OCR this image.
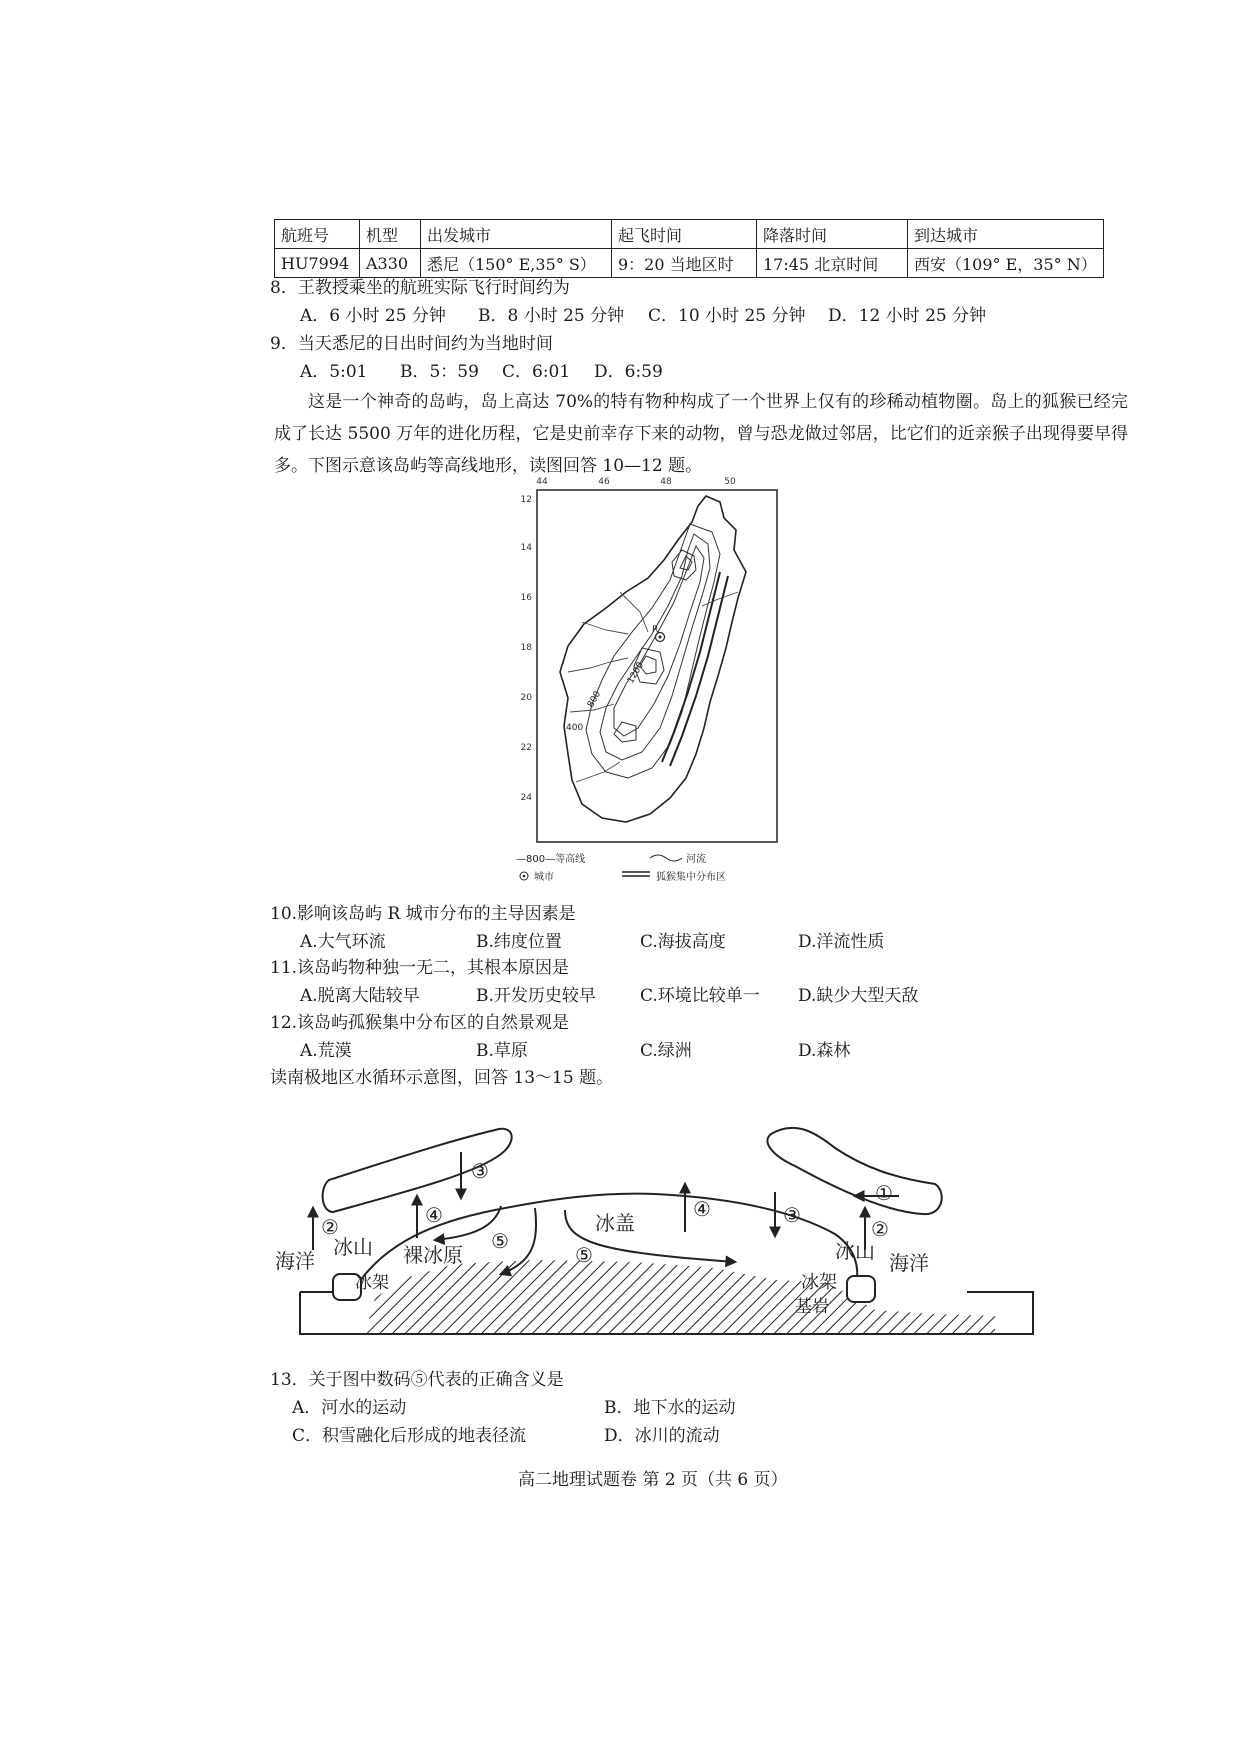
航班号	机型	出发城市	起飞时间	降落时间	到达城市
HU7994	A330	悉尼（150° E,35° S）	9：20 当地区时	17:45 北京时间	西安（109° E，35° N）
8．王教授乘坐的航班实际飞行时间约为
A．6 小时 25 分钟 B．8 小时 25 分钟 C．10 小时 25 分钟 D．12 小时 25 分钟
9．当天悉尼的日出时间约为当地时间
A．5:01 B．5：59 C．6:01 D．6:59
这是一个神奇的岛屿，岛上高达 70%的特有物种构成了一个世界上仅有的珍稀动植物圈。岛上的狐猴已经完成了长达 5500 万年的进化历程，它是史前幸存下来的动物，曾与恐龙做过邻居，比它们的近亲猴子出现得要早得多。下图示意该岛屿等高线地形，读图回答 10—12 题。
44	46	48	50
12
14
16
18
20
22
24
R
400
800
1200
—800—等高线	河流
城市	狐猴集中分布区
10.影响该岛屿 R 城市分布的主导因素是
A.大气环流	B.纬度位置	C.海拔高度	D.洋流性质
11.该岛屿物种独一无二，其根本原因是
A.脱离大陆较早	B.开发历史较早	C.环境比较单一 D.缺少大型天敌
12.该岛屿孤猴集中分布区的自然景观是
A.荒漠	B.草原	C.绿洲	D.森林
读南极地区水循环示意图，回答 13～15 题。
①
②	②
③
③
④	④
⑤
⑤
海洋
冰山
冰架
裸冰原
冰盖
冰山 海洋
冰架
基岩
13．关于图中数码⑤代表的正确含义是
A．河水的运动	B．地下水的运动
C．积雪融化后形成的地表径流	D．冰川的流动
高二地理试题卷 第 2 页（共 6 页）
